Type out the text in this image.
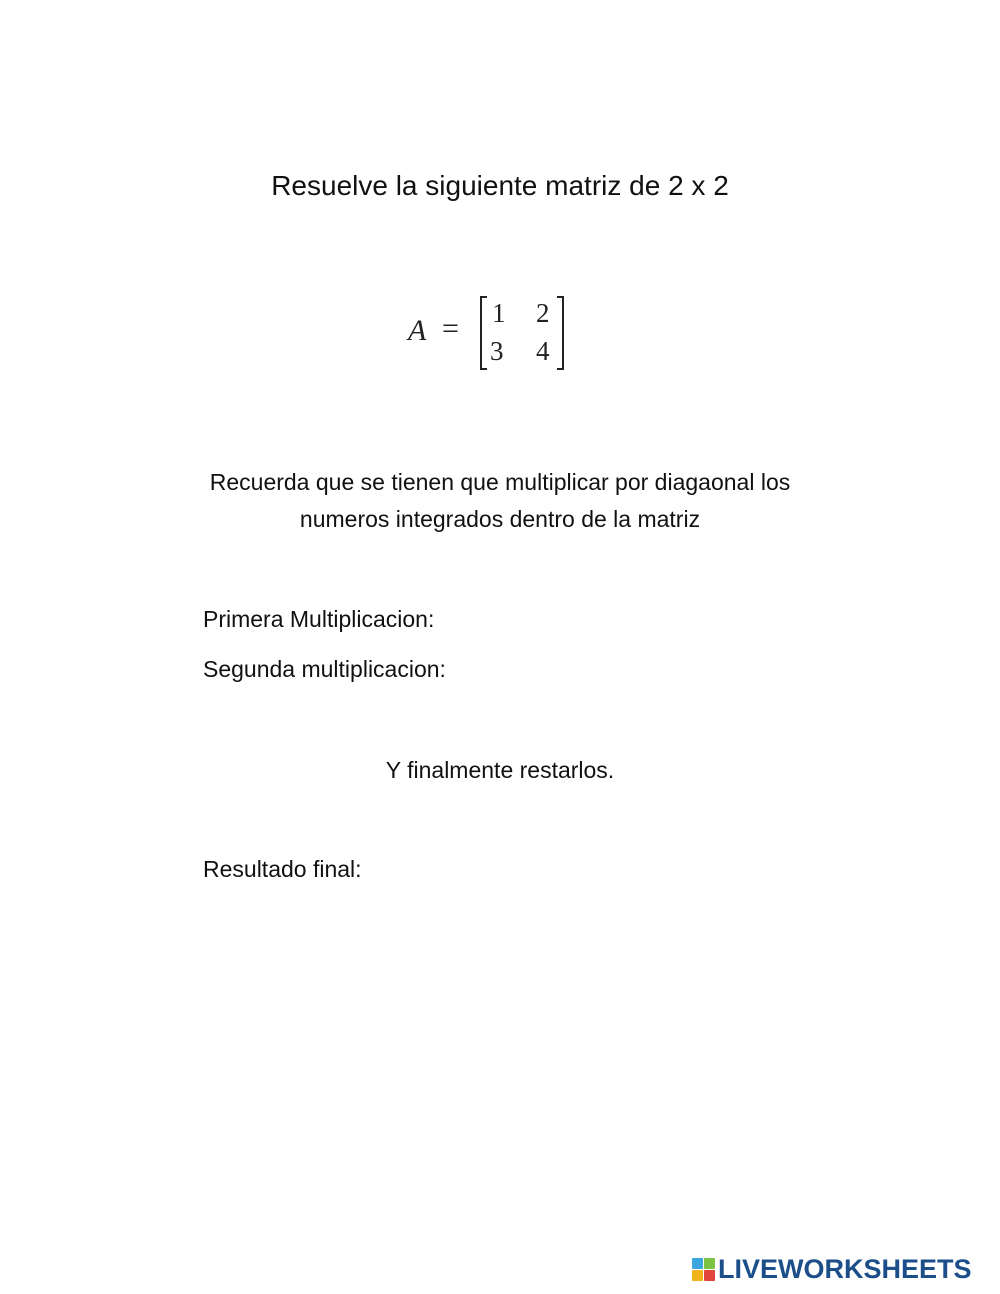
Resuelve la siguiente matriz de 2 x 2
A = 1 2
3 4
Recuerda que se tienen que multiplicar por diagaonal los
numeros integrados dentro de la matriz
Primera Multiplicacion:
Segunda multiplicacion:
Y finalmente restarlos.
Resultado final:
LIVEWORKSHEETS
